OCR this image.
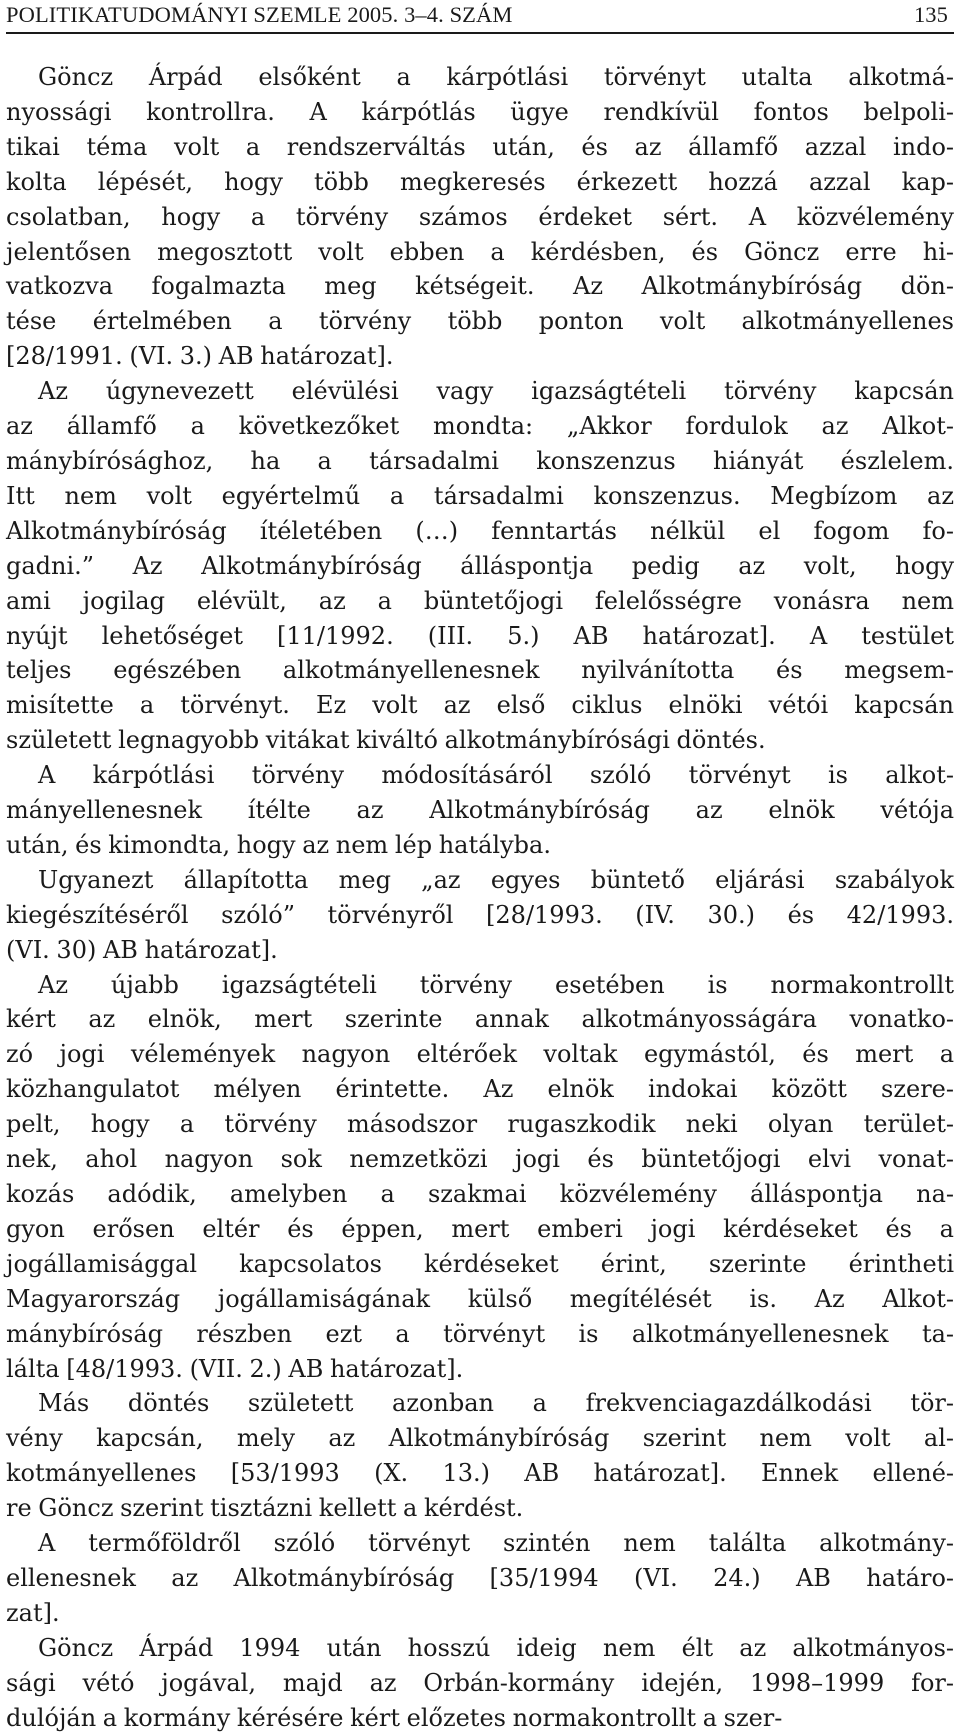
POLITIKATUDOMÁNYI SZEMLE 2005. 3–4. SZÁM	135

Göncz Árpád elsőként a kárpótlási törvényt utalta alkotmá-
nyossági kontrollra. A kárpótlás ügye rendkívül fontos belpoli-
tikai téma volt a rendszerváltás után, és az államfő azzal indo-
kolta lépését, hogy több megkeresés érkezett hozzá azzal kap-
csolatban, hogy a törvény számos érdeket sért. A közvélemény
jelentősen megosztott volt ebben a kérdésben, és Göncz erre hi-
vatkozva fogalmazta meg kétségeit. Az Alkotmánybíróság dön-
tése értelmében a törvény több ponton volt alkotmányellenes
[28/1991. (VI. 3.) AB határozat].

Az úgynevezett elévülési vagy igazságtételi törvény kapcsán
az államfő a következőket mondta: „Akkor fordulok az Alkot-
mánybírósághoz, ha a társadalmi konszenzus hiányát észlelem.
Itt nem volt egyértelmű a társadalmi konszenzus. Megbízom az
Alkotmánybíróság ítéletében (…) fenntartás nélkül el fogom fo-
gadni.” Az Alkotmánybíróság álláspontja pedig az volt, hogy
ami jogilag elévült, az a büntetőjogi felelősségre vonásra nem
nyújt lehetőséget [11/1992. (III. 5.) AB határozat]. A testület
teljes egészében alkotmányellenesnek nyilvánította és megsem-
misítette a törvényt. Ez volt az első ciklus elnöki vétói kapcsán
született legnagyobb vitákat kiváltó alkotmánybírósági döntés.

A kárpótlási törvény módosításáról szóló törvényt is alkot-
mányellenesnek ítélte az Alkotmánybíróság az elnök vétója
után, és kimondta, hogy az nem lép hatályba.

Ugyanezt állapította meg „az egyes büntető eljárási szabályok
kiegészítéséről szóló” törvényről [28/1993. (IV. 30.) és 42/1993.
(VI. 30) AB határozat].

Az újabb igazságtételi törvény esetében is normakontrollt
kért az elnök, mert szerinte annak alkotmányosságára vonatko-
zó jogi vélemények nagyon eltérőek voltak egymástól, és mert a
közhangulatot mélyen érintette. Az elnök indokai között szere-
pelt, hogy a törvény másodszor rugaszkodik neki olyan terület-
nek, ahol nagyon sok nemzetközi jogi és büntetőjogi elvi vonat-
kozás adódik, amelyben a szakmai közvélemény álláspontja na-
gyon erősen eltér és éppen, mert emberi jogi kérdéseket és a
jogállamisággal kapcsolatos kérdéseket érint, szerinte érintheti
Magyarország jogállamiságának külső megítélését is. Az Alkot-
mánybíróság részben ezt a törvényt is alkotmányellenesnek ta-
lálta [48/1993. (VII. 2.) AB határozat].

Más döntés született azonban a frekvenciagazdálkodási tör-
vény kapcsán, mely az Alkotmánybíróság szerint nem volt al-
kotmányellenes [53/1993 (X. 13.) AB határozat]. Ennek ellené-
re Göncz szerint tisztázni kellett a kérdést.

A termőföldről szóló törvényt szintén nem találta alkotmány-
ellenesnek az Alkotmánybíróság [35/1994 (VI. 24.) AB határo-
zat].

Göncz Árpád 1994 után hosszú ideig nem élt az alkotmányos-
sági vétó jogával, majd az Orbán-kormány idején, 1998–1999 for-
dulóján a kormány kérésére kért előzetes normakontrollt a szer-
